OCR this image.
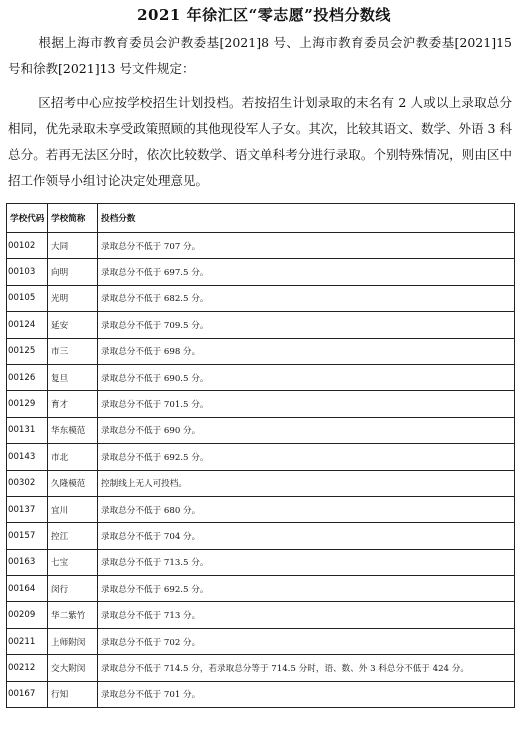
2021 年徐汇区“零志愿”投档分数线
根据上海市教育委员会沪教委基[2021]8 号、上海市教育委员会沪教委基[2021]15 号和徐教[2021]13 号文件规定：
区招考中心应按学校招生计划投档。若按招生计划录取的末名有 2 人或以上录取总分相同，优先录取未享受政策照顾的其他现役军人子女。其次，比较其语文、数学、外语 3 科总分。若再无法区分时，依次比较数学、语文单科考分进行录取。个别特殊情况，则由区中招工作领导小组讨论决定处理意见。
学校代码	学校简称	投档分数
00102	大同	录取总分不低于 707 分。
00103	向明	录取总分不低于 697.5 分。
00105	光明	录取总分不低于 682.5 分。
00124	延安	录取总分不低于 709.5 分。
00125	市三	录取总分不低于 698 分。
00126	复旦	录取总分不低于 690.5 分。
00129	育才	录取总分不低于 701.5 分。
00131	华东模范	录取总分不低于 690 分。
00143	市北	录取总分不低于 692.5 分。
00302	久隆模范	控制线上无人可投档。
00137	宜川	录取总分不低于 680 分。
00157	控江	录取总分不低于 704 分。
00163	七宝	录取总分不低于 713.5 分。
00164	闵行	录取总分不低于 692.5 分。
00209	华二紫竹	录取总分不低于 713 分。
00211	上师附闵	录取总分不低于 702 分。
00212	交大附闵	录取总分不低于 714.5 分，若录取总分等于 714.5 分时，语、数、外 3 科总分不低于 424 分。
00167	行知	录取总分不低于 701 分。
